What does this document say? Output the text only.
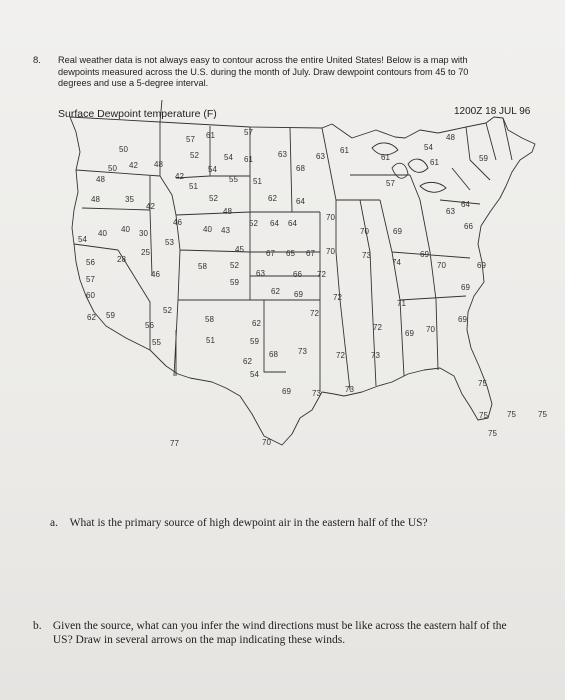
8. Real weather data is not always easy to contour across the entire United States! Below is a map with dewpoints measured across the U.S. during the month of July. Draw dewpoint contours from 45 to 70 degrees and use a 5-degree interval.
Surface Dewpoint temperature (F)	1200Z 18 JUL 96
57 61	57
52	54 61
63	63
61
61
54
48
61	59
68
54
55 51
50
42
50	48
48	42
51
48	35
42
52
48
62 64
57
46
40 43
52 64 64
70
54
40 40 30
53
25
28
56
45	67 65 67 70
70	69
73
74
69
70	69
66
63
64
58	52
63	66 72
57
46
59
62 69	72
71
69
60
52
58
72
62 59
56	62	72
69 70
69
55	51	59
68	73	72	73
62
54
69	73	73
75
75 75	75
75
70
77
a. What is the primary source of high dewpoint air in the eastern half of the US?
b. Given the source, what can you infer the wind directions must be like across the eastern half of the US? Draw in several arrows on the map indicating these winds.
